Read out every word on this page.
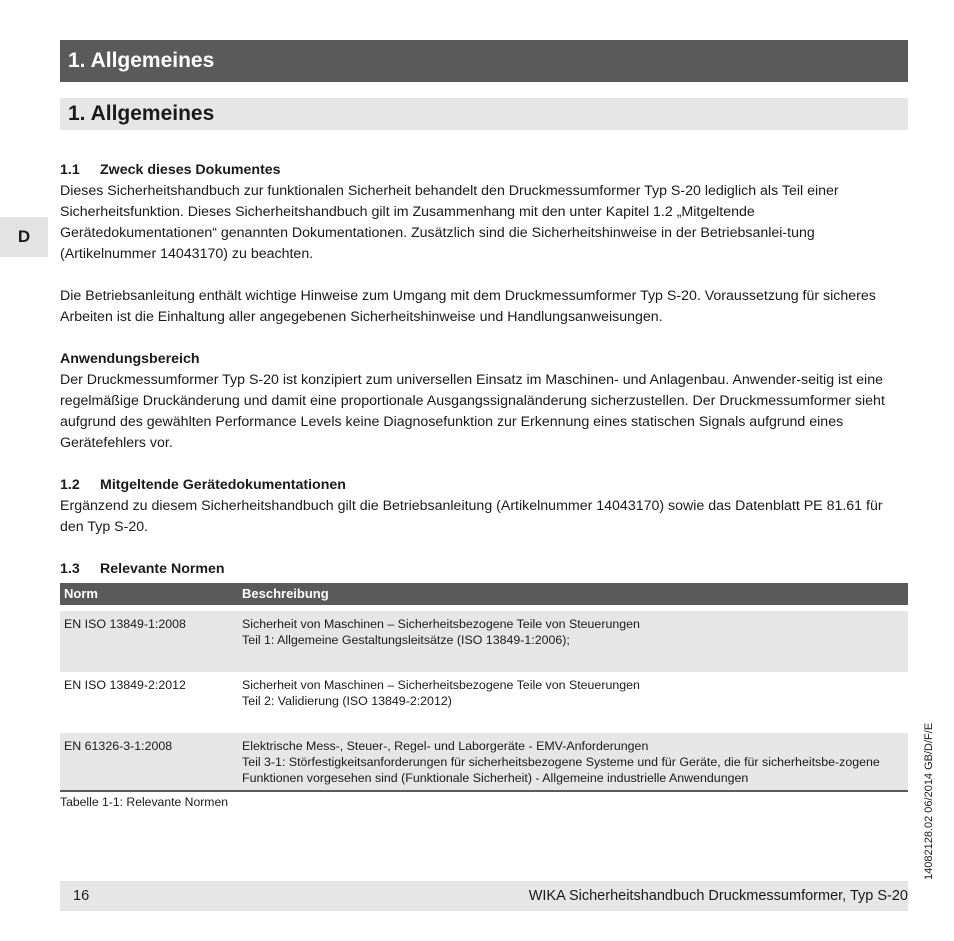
1. Allgemeines
1. Allgemeines
D
1.1 Zweck dieses Dokumentes

Dieses Sicherheitshandbuch zur funktionalen Sicherheit behandelt den Druckmessumformer Typ S-20 lediglich als Teil einer Sicherheitsfunktion. Dieses Sicherheitshandbuch gilt im Zusammenhang mit den unter Kapitel 1.2 „Mitgeltende Gerätedokumentationen“ genannten Dokumentationen. Zusätzlich sind die Sicherheitshinweise in der Betriebsanlei-tung (Artikelnummer 14043170) zu beachten.

Die Betriebsanleitung enthält wichtige Hinweise zum Umgang mit dem Druckmessumformer Typ S-20. Voraussetzung für sicheres Arbeiten ist die Einhaltung aller angegebenen Sicherheitshinweise und Handlungsanweisungen.

Anwendungsbereich

Der Druckmessumformer Typ S-20 ist konzipiert zum universellen Einsatz im Maschinen- und Anlagenbau. Anwender-seitig ist eine regelmäßige Druckänderung und damit eine proportionale Ausgangssignaländerung sicherzustellen. Der Druckmessumformer sieht aufgrund des gewählten Performance Levels keine Diagnosefunktion zur Erkennung eines statischen Signals aufgrund eines Gerätefehlers vor.

1.2 Mitgeltende Gerätedokumentationen

Ergänzend zu diesem Sicherheitshandbuch gilt die Betriebsanleitung (Artikelnummer 14043170) sowie das Datenblatt PE 81.61 für den Typ S-20.

1.3 Relevante Normen
Norm	Beschreibung

EN ISO 13849-1:2008	Sicherheit von Maschinen – Sicherheitsbezogene Teile von Steuerungen
Teil 1: Allgemeine Gestaltungsleitsätze (ISO 13849-1:2006);

EN ISO 13849-2:2012	Sicherheit von Maschinen – Sicherheitsbezogene Teile von Steuerungen
Teil 2: Validierung (ISO 13849-2:2012)

EN 61326-3-1:2008	Elektrische Mess-, Steuer-, Regel- und Laborgeräte - EMV-Anforderungen
Teil 3-1: Störfestigkeitsanforderungen für sicherheitsbezogene Systeme und für Geräte, die für sicherheitsbe-zogene Funktionen vorgesehen sind (Funktionale Sicherheit) - Allgemeine industrielle Anwendungen
Tabelle 1-1: Relevante Normen
16	WIKA Sicherheitshandbuch Druckmessumformer, Typ S-20
14082128.02 06/2014 GB/D/F/E
